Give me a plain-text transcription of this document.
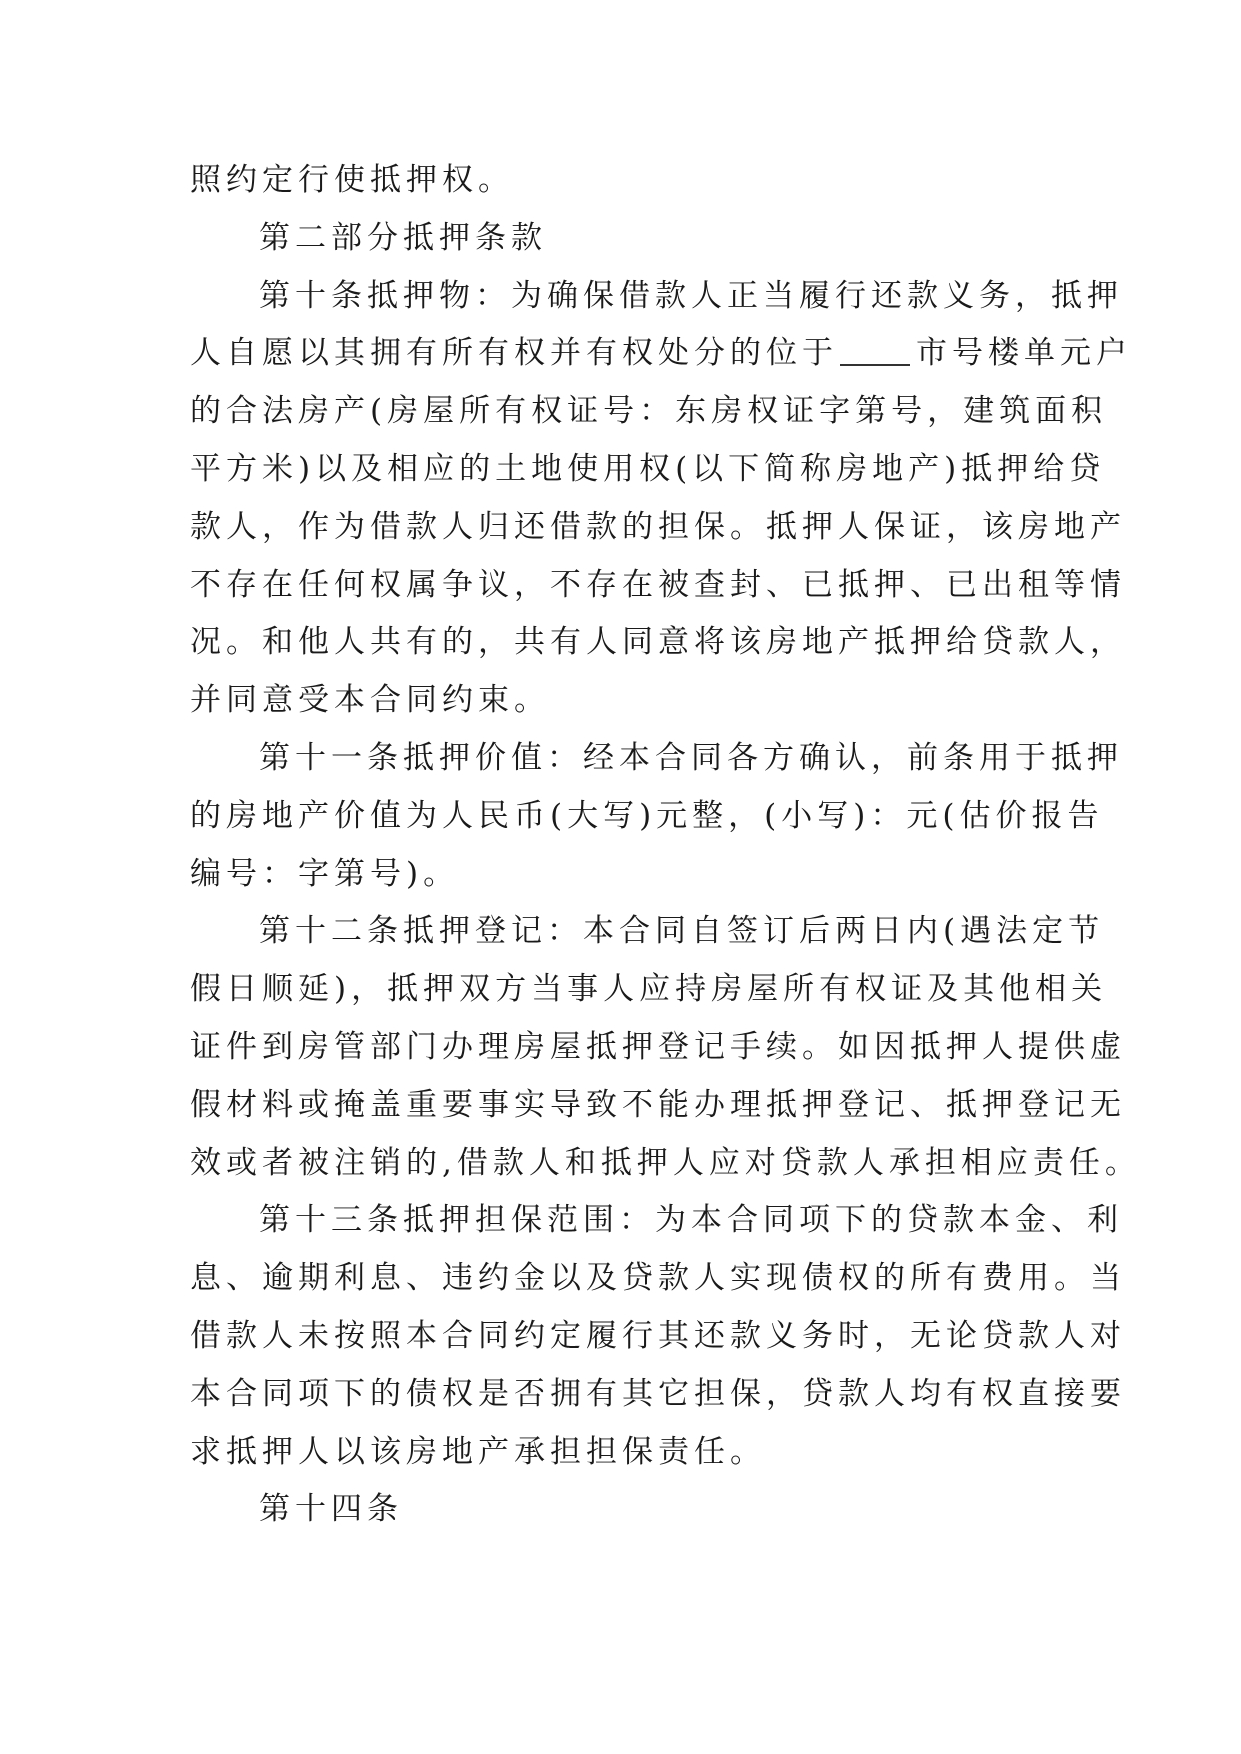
照约定行使抵押权。
第二部分抵押条款
第十条抵押物：为确保借款人正当履行还款义务，抵押
人自愿以其拥有所有权并有权处分的位于	市号楼单元户
的合法房产(房屋所有权证号：东房权证字第号，建筑面积
平方米)以及相应的土地使用权(以下简称房地产)抵押给贷
款人，作为借款人归还借款的担保。抵押人保证，该房地产
不存在任何权属争议，不存在被查封、已抵押、已出租等情
况。和他人共有的，共有人同意将该房地产抵押给贷款人，
并同意受本合同约束。
第十一条抵押价值：经本合同各方确认，前条用于抵押
的房地产价值为人民币(大写)元整，(小写)：元(估价报告
编号：字第号)。
第十二条抵押登记：本合同自签订后两日内(遇法定节
假日顺延)，抵押双方当事人应持房屋所有权证及其他相关
证件到房管部门办理房屋抵押登记手续。如因抵押人提供虚
假材料或掩盖重要事实导致不能办理抵押登记、抵押登记无
效或者被注销的,借款人和抵押人应对贷款人承担相应责任。
第十三条抵押担保范围：为本合同项下的贷款本金、利
息、逾期利息、违约金以及贷款人实现债权的所有费用。当
借款人未按照本合同约定履行其还款义务时，无论贷款人对
本合同项下的债权是否拥有其它担保，贷款人均有权直接要
求抵押人以该房地产承担担保责任。
第十四条
